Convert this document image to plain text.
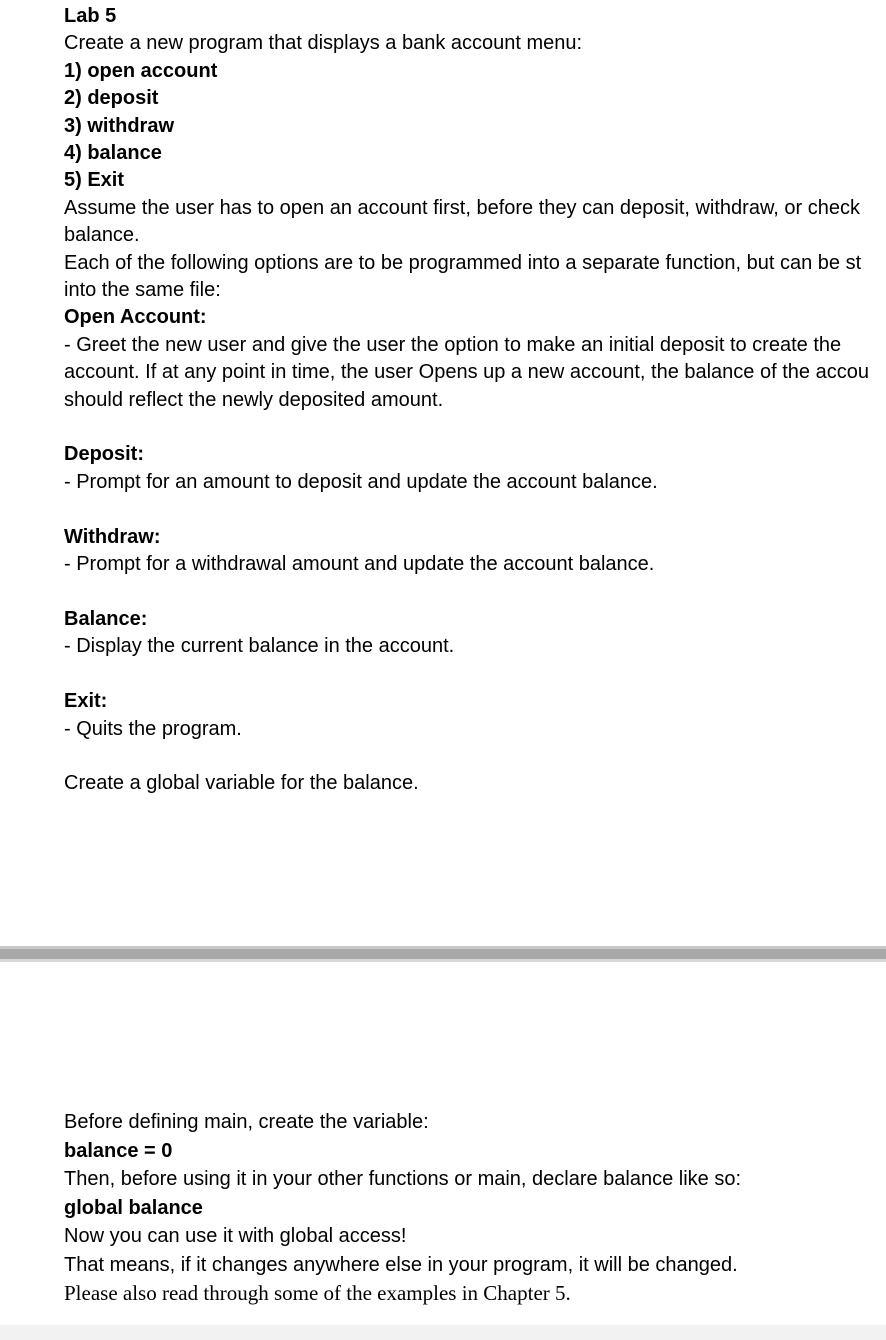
Lab 5
Create a new program that displays a bank account menu:
1) open account
2) deposit
3) withdraw
4) balance
5) Exit
Assume the user has to open an account first, before they can deposit, withdraw, or check
balance.
Each of the following options are to be programmed into a separate function, but can be st
into the same file:
Open Account:
- Greet the new user and give the user the option to make an initial deposit to create the
account. If at any point in time, the user Opens up a new account, the balance of the accou
should reflect the newly deposited amount.
Deposit:
- Prompt for an amount to deposit and update the account balance.
Withdraw:
- Prompt for a withdrawal amount and update the account balance.
Balance:
- Display the current balance in the account.
Exit:
- Quits the program.
Create a global variable for the balance.
Before defining main, create the variable:
balance = 0
Then, before using it in your other functions or main, declare balance like so:
global balance
Now you can use it with global access!
That means, if it changes anywhere else in your program, it will be changed.
Please also read through some of the examples in Chapter 5.
